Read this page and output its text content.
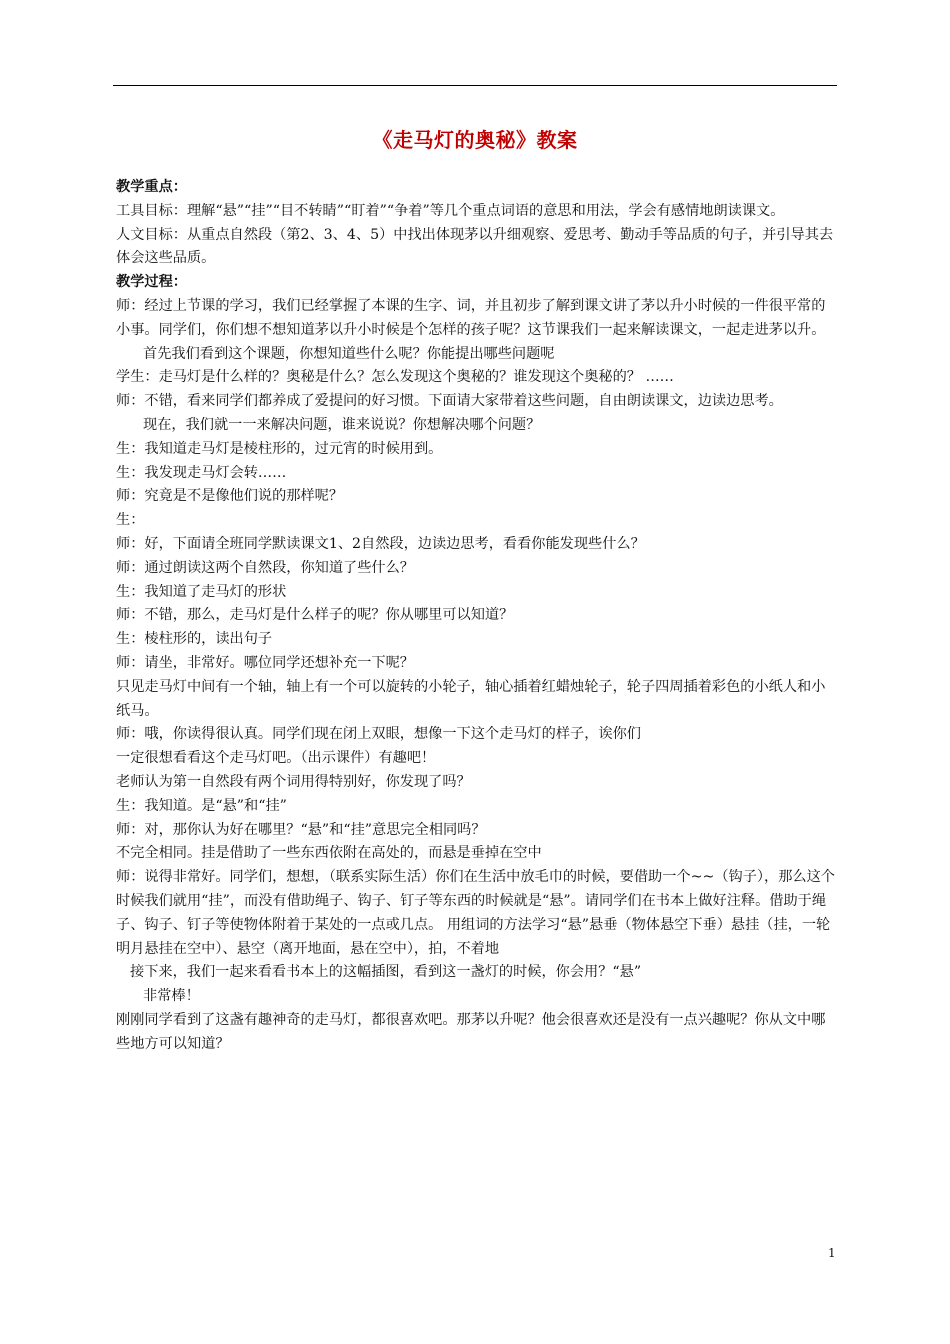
《走马灯的奥秘》教案

教学重点：

工具目标：理解“悬”“挂”“目不转睛”“盯着”“争着”等几个重点词语的意思和用法，学会有感情地朗读课文。

人文目标：从重点自然段（第2、3、4、5）中找出体现茅以升细观察、爱思考、勤动手等品质的句子，并引导其去体会这些品质。

教学过程：

师：经过上节课的学习，我们已经掌握了本课的生字、词，并且初步了解到课文讲了茅以升小时候的一件很平常的小事。同学们，你们想不想知道茅以升小时候是个怎样的孩子呢？这节课我们一起来解读课文，一起走进茅以升。

首先我们看到这个课题，你想知道些什么呢？你能提出哪些问题呢

学生：走马灯是什么样的？奥秘是什么？怎么发现这个奥秘的？谁发现这个奥秘的？ ……

师：不错，看来同学们都养成了爱提问的好习惯。下面请大家带着这些问题，自由朗读课文，边读边思考。

现在，我们就一一来解决问题，谁来说说？你想解决哪个问题？

生：我知道走马灯是棱柱形的，过元宵的时候用到。

生：我发现走马灯会转……

师：究竟是不是像他们说的那样呢？

生：

师：好，下面请全班同学默读课文1、2自然段，边读边思考，看看你能发现些什么？

师：通过朗读这两个自然段，你知道了些什么？

生：我知道了走马灯的形状

师：不错，那么，走马灯是什么样子的呢？你从哪里可以知道？

生：棱柱形的，读出句子

师：请坐，非常好。哪位同学还想补充一下呢？

只见走马灯中间有一个轴，轴上有一个可以旋转的小轮子，轴心插着红蜡烛轮子，轮子四周插着彩色的小纸人和小纸马。

师：哦，你读得很认真。同学们现在闭上双眼，想像一下这个走马灯的样子，诶你们

一定很想看看这个走马灯吧。（出示课件）有趣吧！

老师认为第一自然段有两个词用得特别好，你发现了吗？

生：我知道。是“悬”和“挂”

师：对，那你认为好在哪里？“悬”和“挂”意思完全相同吗？

不完全相同。挂是借助了一些东西依附在高处的，而悬是垂掉在空中

师：说得非常好。同学们，想想，（联系实际生活）你们在生活中放毛巾的时候，要借助一个~~（钩子），那么这个时候我们就用“挂”，而没有借助绳子、钩子、钉子等东西的时候就是“悬”。请同学们在书本上做好注释。借助于绳子、钩子、钉子等使物体附着于某处的一点或几点。 用组词的方法学习“悬”悬垂（物体悬空下垂）悬挂（挂，一轮明月悬挂在空中）、悬空（离开地面，悬在空中），拍，不着地

接下来，我们一起来看看书本上的这幅插图，看到这一盏灯的时候，你会用？“悬”

非常棒！

刚刚同学看到了这盏有趣神奇的走马灯，都很喜欢吧。那茅以升呢？他会很喜欢还是没有一点兴趣呢？你从文中哪些地方可以知道？

1
